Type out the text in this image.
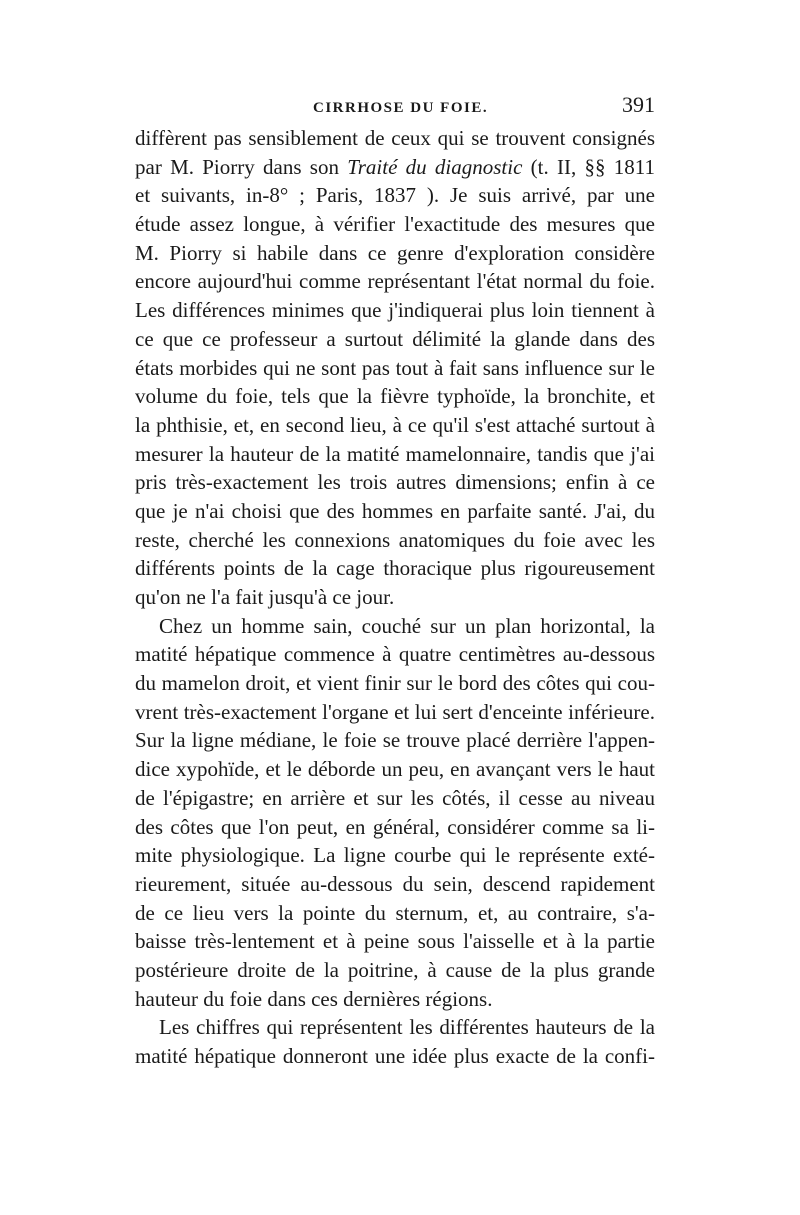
CIRRHOSE DU FOIE.	391
diffèrent pas sensiblement de ceux qui se trouvent consignés
par M. Piorry dans son Traité du diagnostic (t. II, §§ 1811
et suivants, in-8° ; Paris, 1837 ). Je suis arrivé, par une
étude assez longue, à vérifier l'exactitude des mesures que
M. Piorry si habile dans ce genre d'exploration considère
encore aujourd'hui comme représentant l'état normal du foie.
Les différences minimes que j'indiquerai plus loin tiennent à
ce que ce professeur a surtout délimité la glande dans des
états morbides qui ne sont pas tout à fait sans influence sur le
volume du foie, tels que la fièvre typhoïde, la bronchite, et
la phthisie, et, en second lieu, à ce qu'il s'est attaché surtout à
mesurer la hauteur de la matité mamelonnaire, tandis que j'ai
pris très-exactement les trois autres dimensions; enfin à ce
que je n'ai choisi que des hommes en parfaite santé. J'ai, du
reste, cherché les connexions anatomiques du foie avec les
différents points de la cage thoracique plus rigoureusement
qu'on ne l'a fait jusqu'à ce jour.
Chez un homme sain, couché sur un plan horizontal, la
matité hépatique commence à quatre centimètres au-dessous
du mamelon droit, et vient finir sur le bord des côtes qui cou-
vrent très-exactement l'organe et lui sert d'enceinte inférieure.
Sur la ligne médiane, le foie se trouve placé derrière l'appen-
dice xypohïde, et le déborde un peu, en avançant vers le haut
de l'épigastre; en arrière et sur les côtés, il cesse au niveau
des côtes que l'on peut, en général, considérer comme sa li-
mite physiologique. La ligne courbe qui le représente exté-
rieurement, située au-dessous du sein, descend rapidement
de ce lieu vers la pointe du sternum, et, au contraire, s'a-
baisse très-lentement et à peine sous l'aisselle et à la partie
postérieure droite de la poitrine, à cause de la plus grande
hauteur du foie dans ces dernières régions.
Les chiffres qui représentent les différentes hauteurs de la
matité hépatique donneront une idée plus exacte de la confi-
